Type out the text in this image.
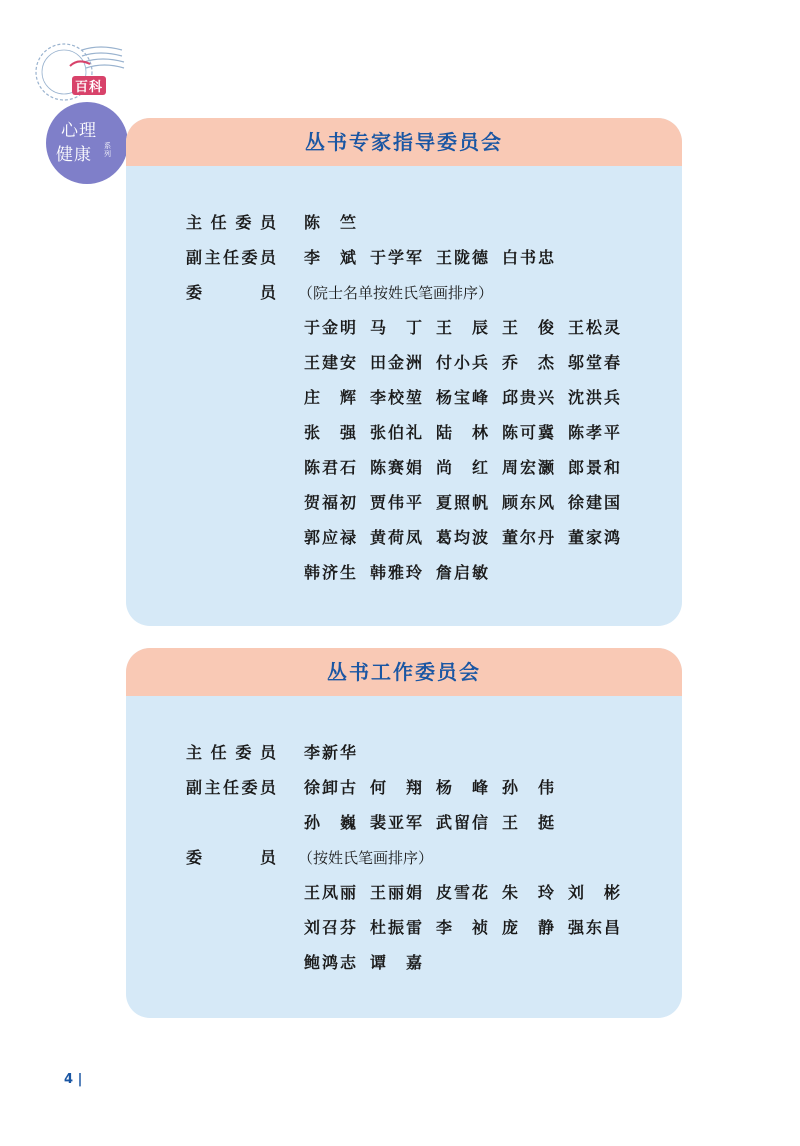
百科
心理
健康 系列	丛书专家指导委员会
主任委员 陈　竺
副主任委员 李　斌 于学军 王陇德 白书忠
委　　员 （院士名单按姓氏笔画排序）
于金明 马　丁 王　辰 王　俊 王松灵
王建安 田金洲 付小兵 乔　杰 邬堂春
庄　辉 李校堃 杨宝峰 邱贵兴 沈洪兵
张　强 张伯礼 陆　林 陈可冀 陈孝平
陈君石 陈赛娟 尚　红 周宏灏 郎景和
贺福初 贾伟平 夏照帆 顾东风 徐建国
郭应禄 黄荷凤 葛均波 董尔丹 董家鸿
韩济生 韩雅玲 詹启敏
丛书工作委员会
主任委员 李新华
副主任委员 徐卸古 何　翔 杨　峰 孙　伟
孙　巍 裴亚军 武留信 王　挺
委　　员 （按姓氏笔画排序）
王凤丽 王丽娟 皮雪花 朱　玲 刘　彬
刘召芬 杜振雷 李　祯 庞　静 强东昌
鲍鸿志 谭　嘉
4 |
